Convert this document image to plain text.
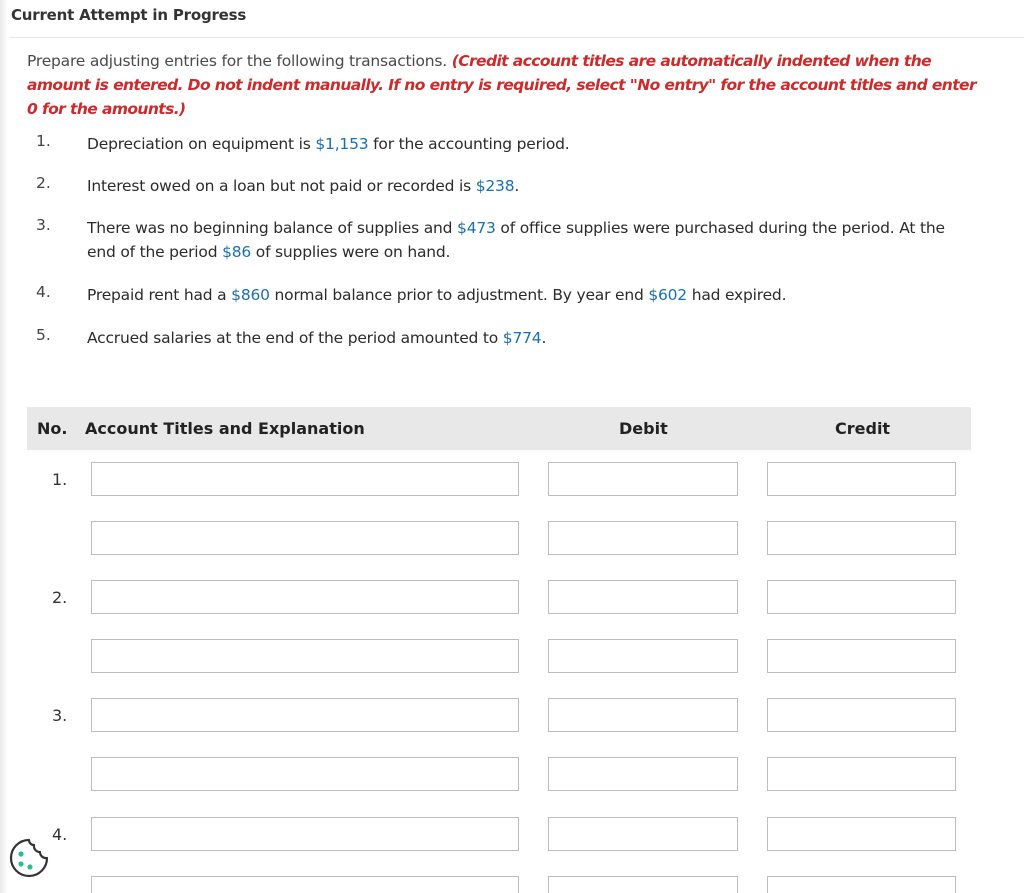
Current Attempt in Progress
Prepare adjusting entries for the following transactions. (Credit account titles are automatically indented when the amount is entered. Do not indent manually. If no entry is required, select "No entry" for the account titles and enter 0 for the amounts.)
1. Depreciation on equipment is $1,153 for the accounting period.
2. Interest owed on a loan but not paid or recorded is $238.
3. There was no beginning balance of supplies and $473 of office supplies were purchased during the period. At the end of the period $86 of supplies were on hand.
4. Prepaid rent had a $860 normal balance prior to adjustment. By year end $602 had expired.
5. Accrued salaries at the end of the period amounted to $774.
No. Account Titles and Explanation	Debit	Credit
1.
2.
3.
4.
